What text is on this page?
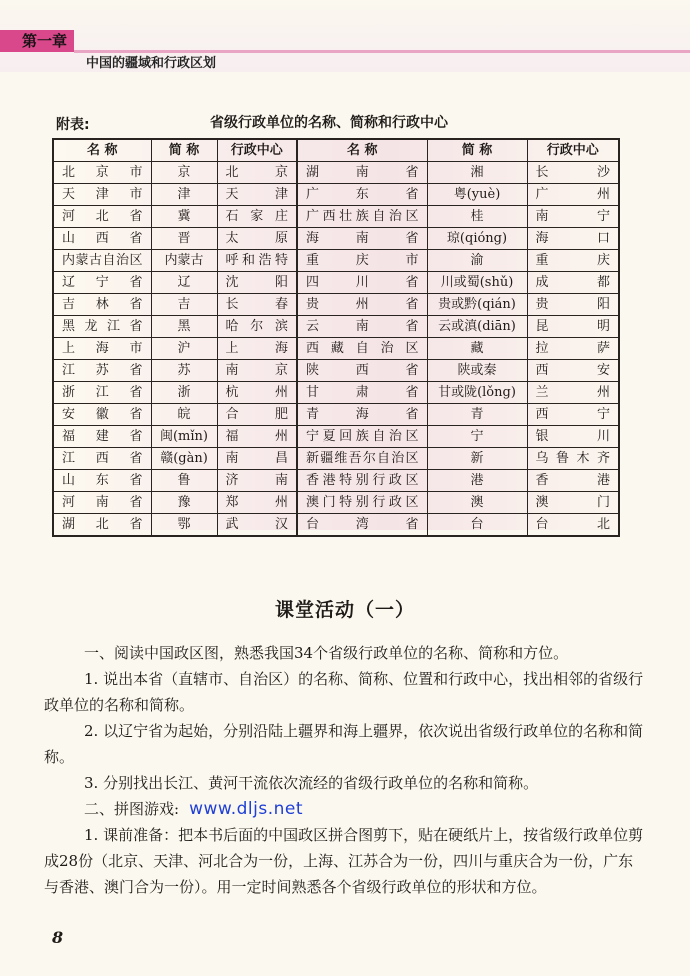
第一章
中国的疆域和行政区划
附表:	省级行政单位的名称、简称和行政中心
名 称	简 称	行政中心	名 称	简 称	行政中心
北京市	京	北京	湖南省	湘	长沙
天津市	津	天津	广东省	粤(yuè)	广州
河北省	冀	石家庄	广西壮族自治区	桂	南宁
山西省	晋	太原	海南省	琼(qióng)	海口
内蒙古自治区	内蒙古	呼和浩特	重庆市	渝	重庆
辽宁省	辽	沈阳	四川省	川或蜀(shǔ)	成都
吉林省	吉	长春	贵州省	贵或黔(qián)	贵阳
黑龙江省	黑	哈尔滨	云南省	云或滇(diān)	昆明
上海市	沪	上海	西藏自治区	藏	拉萨
江苏省	苏	南京	陕西省	陕或秦	西安
浙江省	浙	杭州	甘肃省	甘或陇(lǒng)	兰州
安徽省	皖	合肥	青海省	青	西宁
福建省	闽(mǐn)	福州	宁夏回族自治区	宁	银川
江西省	赣(gàn)	南昌	新疆维吾尔自治区	新	乌鲁木齐
山东省	鲁	济南	香港特别行政区	港	香港
河南省	豫	郑州	澳门特别行政区	澳	澳门
湖北省	鄂	武汉	台湾省	台	台北
课堂活动（一）

一、阅读中国政区图，熟悉我国34个省级行政单位的名称、简称和方位。

1. 说出本省（直辖市、自治区）的名称、简称、位置和行政中心，找出相邻的省级行政单位的名称和简称。

2. 以辽宁省为起始，分别沿陆上疆界和海上疆界，依次说出省级行政单位的名称和简称。

3. 分别找出长江、黄河干流依次流经的省级行政单位的名称和简称。

二、拼图游戏: www.dljs.net

1. 课前准备：把本书后面的中国政区拼合图剪下，贴在硬纸片上，按省级行政单位剪成28份（北京、天津、河北合为一份，上海、江苏合为一份，四川与重庆合为一份，广东与香港、澳门合为一份）。用一定时间熟悉各个省级行政单位的形状和方位。

8
